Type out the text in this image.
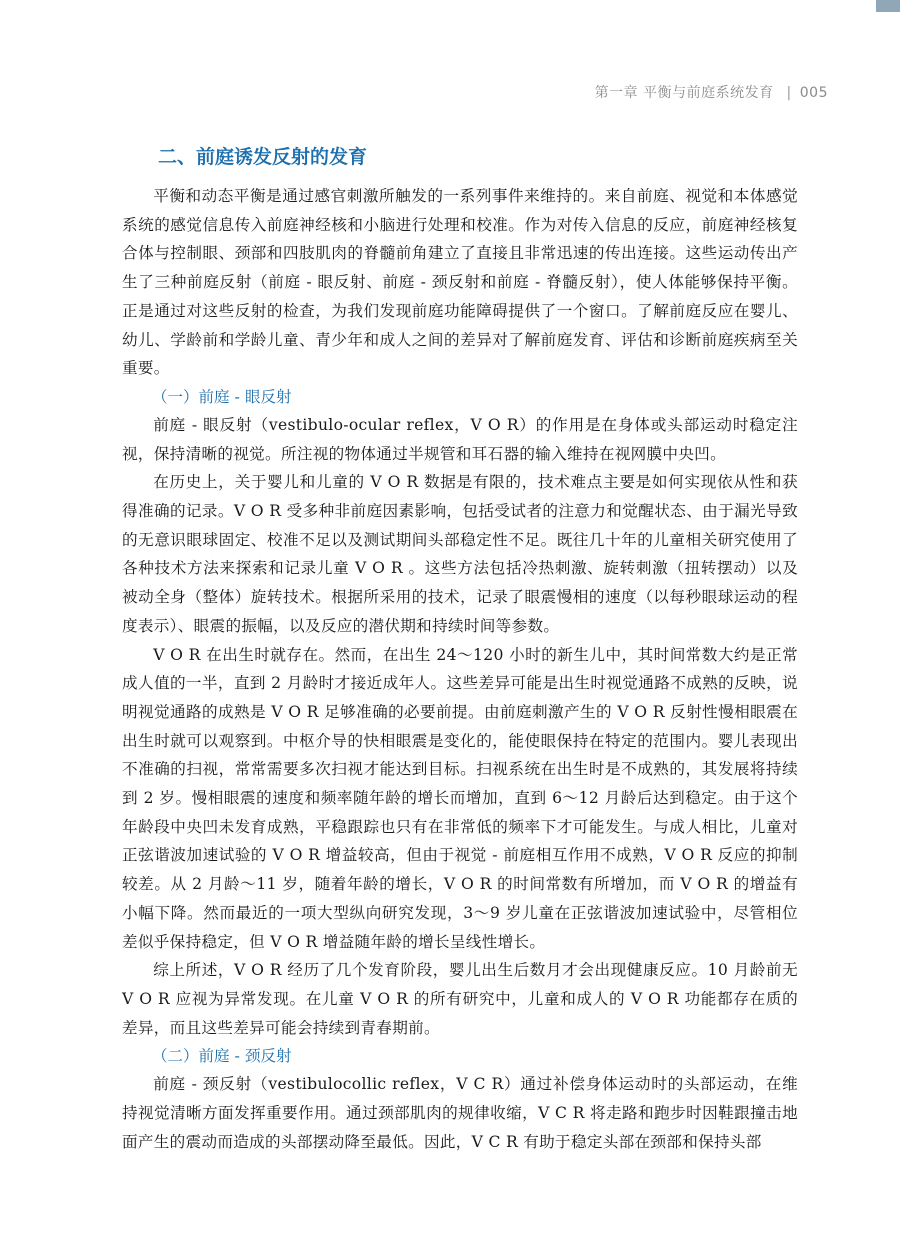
第一章 平衡与前庭系统发育 | 005
二、前庭诱发反射的发育

平衡和动态平衡是通过感官刺激所触发的一系列事件来维持的。来自前庭、视觉和本体感觉系统的感觉信息传入前庭神经核和小脑进行处理和校准。作为对传入信息的反应，前庭神经核复合体与控制眼、颈部和四肢肌肉的脊髓前角建立了直接且非常迅速的传出连接。这些运动传出产生了三种前庭反射（前庭 - 眼反射、前庭 - 颈反射和前庭 - 脊髓反射），使人体能够保持平衡。正是通过对这些反射的检查，为我们发现前庭功能障碍提供了一个窗口。了解前庭反应在婴儿、幼儿、学龄前和学龄儿童、青少年和成人之间的差异对了解前庭发育、评估和诊断前庭疾病至关重要。

（一）前庭 - 眼反射

前庭 - 眼反射（vestibulo-ocular reflex，V O R）的作用是在身体或头部运动时稳定注视，保持清晰的视觉。所注视的物体通过半规管和耳石器的输入维持在视网膜中央凹。

在历史上，关于婴儿和儿童的 V O R 数据是有限的，技术难点主要是如何实现依从性和获得准确的记录。V O R 受多种非前庭因素影响，包括受试者的注意力和觉醒状态、由于漏光导致的无意识眼球固定、校准不足以及测试期间头部稳定性不足。既往几十年的儿童相关研究使用了各种技术方法来探索和记录儿童 V O R 。这些方法包括冷热刺激、旋转刺激（扭转摆动）以及被动全身（整体）旋转技术。根据所采用的技术，记录了眼震慢相的速度（以每秒眼球运动的程度表示）、眼震的振幅，以及反应的潜伏期和持续时间等参数。

V O R 在出生时就存在。然而，在出生 24～120 小时的新生儿中，其时间常数大约是正常成人值的一半，直到 2 月龄时才接近成年人。这些差异可能是出生时视觉通路不成熟的反映，说明视觉通路的成熟是 V O R 足够准确的必要前提。由前庭刺激产生的 V O R 反射性慢相眼震在出生时就可以观察到。中枢介导的快相眼震是变化的，能使眼保持在特定的范围内。婴儿表现出不准确的扫视，常常需要多次扫视才能达到目标。扫视系统在出生时是不成熟的，其发展将持续到 2 岁。慢相眼震的速度和频率随年龄的增长而增加，直到 6～12 月龄后达到稳定。由于这个年龄段中央凹未发育成熟，平稳跟踪也只有在非常低的频率下才可能发生。与成人相比，儿童对正弦谐波加速试验的 V O R 增益较高，但由于视觉 - 前庭相互作用不成熟，V O R 反应的抑制较差。从 2 月龄～11 岁，随着年龄的增长，V O R 的时间常数有所增加，而 V O R 的增益有小幅下降。然而最近的一项大型纵向研究发现，3～9 岁儿童在正弦谐波加速试验中，尽管相位差似乎保持稳定，但 V O R 增益随年龄的增长呈线性增长。

综上所述，V O R 经历了几个发育阶段，婴儿出生后数月才会出现健康反应。10 月龄前无 V O R 应视为异常发现。在儿童 V O R 的所有研究中，儿童和成人的 V O R 功能都存在质的差异，而且这些差异可能会持续到青春期前。

（二）前庭 - 颈反射

前庭 - 颈反射（vestibulocollic reflex，V C R）通过补偿身体运动时的头部运动，在维持视觉清晰方面发挥重要作用。通过颈部肌肉的规律收缩，V C R 将走路和跑步时因鞋跟撞击地面产生的震动而造成的头部摆动降至最低。因此，V C R 有助于稳定头部在颈部和保持头部
